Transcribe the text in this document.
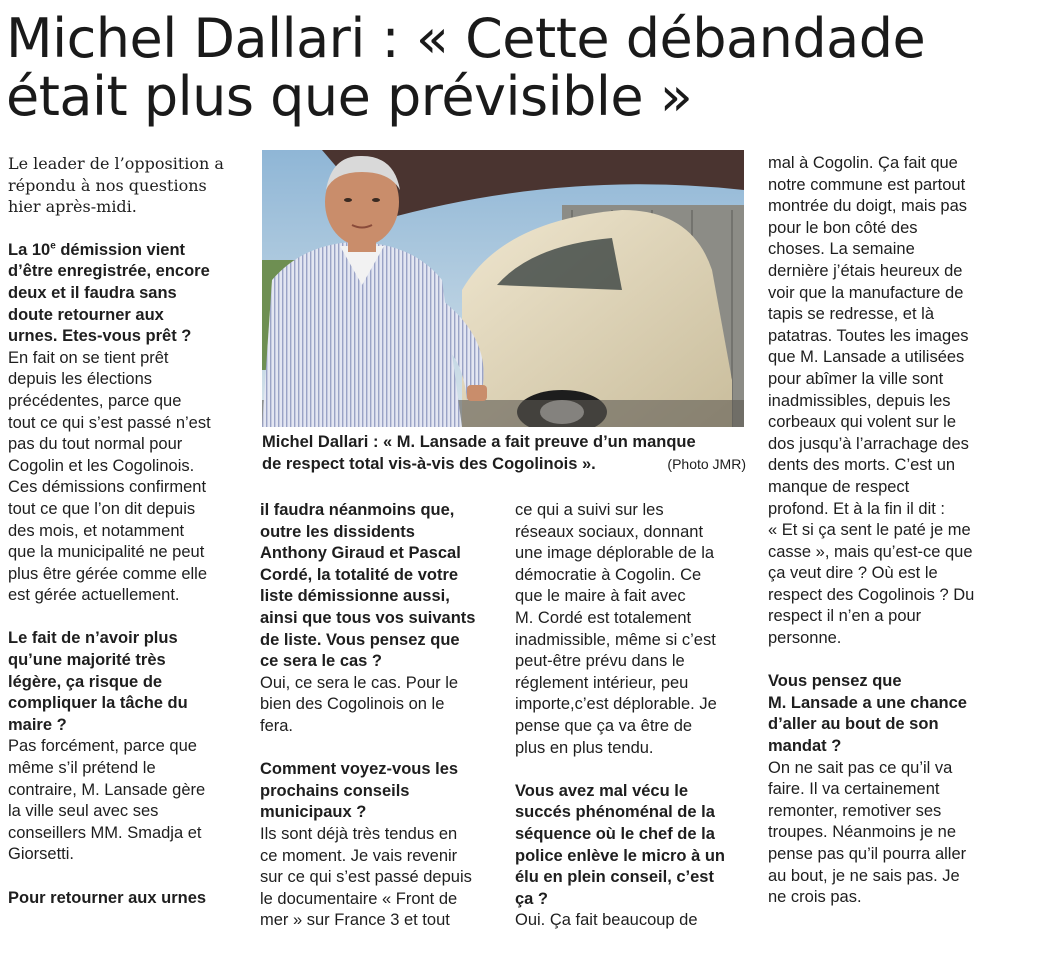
Michel Dallari : « Cette débandade
était plus que prévisible »

Le leader de l’opposition a
répondu à nos questions
hier après-midi.

La 10e démission vient
d’être enregistrée, encore
deux et il faudra sans
doute retourner aux
urnes. Etes-vous prêt ?

En fait on se tient prêt
depuis les élections
précédentes, parce que
tout ce qui s’est passé n’est
pas du tout normal pour
Cogolin et les Cogolinois.
Ces démissions confirment
tout ce que l’on dit depuis
des mois, et notamment
que la municipalité ne peut
plus être gérée comme elle
est gérée actuellement.

Le fait de n’avoir plus
qu’une majorité très
légère, ça risque de
compliquer la tâche du
maire ?

Pas forcément, parce que
même s’il prétend le
contraire, M. Lansade gère
la ville seul avec ses
conseillers MM. Smadja et
Giorsetti.

Pour retourner aux urnes

Michel Dallari : « M. Lansade a fait preuve d’un manque
de respect total vis-à-vis des Cogolinois ».	(Photo JMR)

il faudra néanmoins que,
outre les dissidents
Anthony Giraud et Pascal
Cordé, la totalité de votre
liste démissionne aussi,
ainsi que tous vos suivants
de liste. Vous pensez que
ce sera le cas ?

Oui, ce sera le cas. Pour le
bien des Cogolinois on le
fera.

Comment voyez-vous les
prochains conseils
municipaux ?

Ils sont déjà très tendus en
ce moment. Je vais revenir
sur ce qui s’est passé depuis
le documentaire « Front de
mer » sur France 3 et tout

ce qui a suivi sur les
réseaux sociaux, donnant
une image déplorable de la
démocratie à Cogolin. Ce
que le maire à fait avec
M. Cordé est totalement
inadmissible, même si c’est
peut-être prévu dans le
réglement intérieur, peu
importe,c’est déplorable. Je
pense que ça va être de
plus en plus tendu.

Vous avez mal vécu le
succés phénoménal de la
séquence où le chef de la
police enlève le micro à un
élu en plein conseil, c’est
ça ?

Oui. Ça fait beaucoup de

mal à Cogolin. Ça fait que
notre commune est partout
montrée du doigt, mais pas
pour le bon côté des
choses. La semaine
dernière j’étais heureux de
voir que la manufacture de
tapis se redresse, et là
patatras. Toutes les images
que M. Lansade a utilisées
pour abîmer la ville sont
inadmissibles, depuis les
corbeaux qui volent sur le
dos jusqu’à l’arrachage des
dents des morts. C’est un
manque de respect
profond. Et à la fin il dit :
« Et si ça sent le paté je me
casse », mais qu’est-ce que
ça veut dire ? Où est le
respect des Cogolinois ? Du
respect il n’en a pour
personne.

Vous pensez que
M. Lansade a une chance
d’aller au bout de son
mandat ?

On ne sait pas ce qu’il va
faire. Il va certainement
remonter, remotiver ses
troupes. Néanmoins je ne
pense pas qu’il pourra aller
au bout, je ne sais pas. Je
ne crois pas.
